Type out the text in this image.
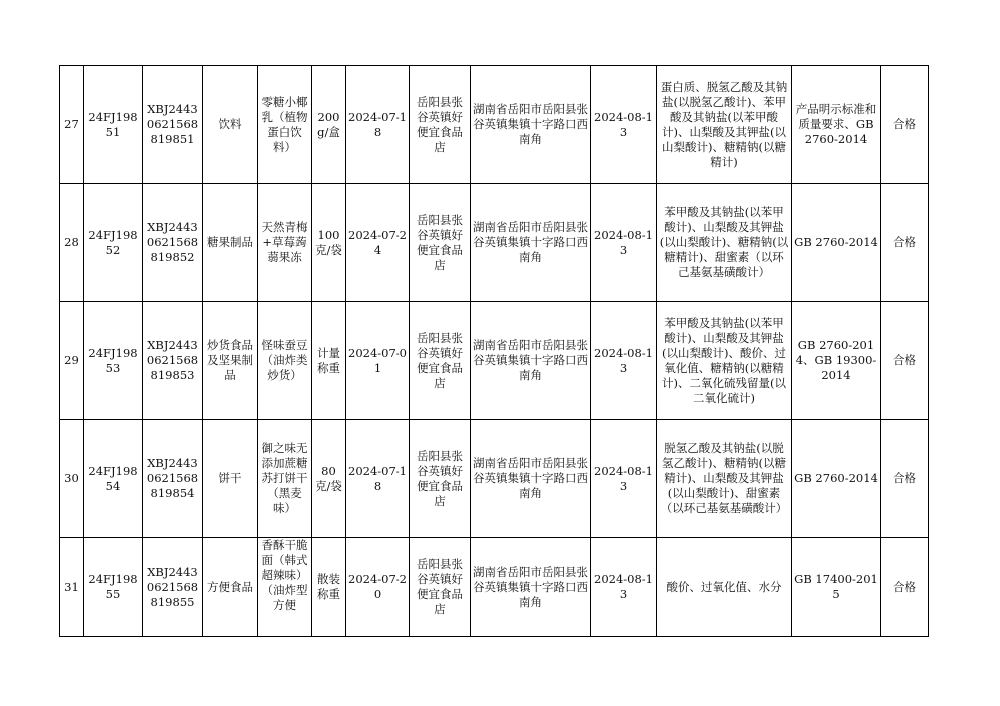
27	24FJ19851	XBJ24430621568819851	饮料	零糖小椰乳（植物蛋白饮料）	200g/盒	2024-07-18	岳阳县张谷英镇好便宜食品店	湖南省岳阳市岳阳县张谷英镇集镇十字路口西南角	2024-08-13	蛋白质、脱氢乙酸及其钠盐(以脱氢乙酸计)、苯甲酸及其钠盐(以苯甲酸计)、山梨酸及其钾盐(以山梨酸计)、糖精钠(以糖精计)	产品明示标准和质量要求、GB 2760-2014	合格
28	24FJ19852	XBJ24430621568819852	糖果制品	天然青梅+草莓蒟蒻果冻	100克/袋	2024-07-24	岳阳县张谷英镇好便宜食品店	湖南省岳阳市岳阳县张谷英镇集镇十字路口西南角	2024-08-13	苯甲酸及其钠盐(以苯甲酸计)、山梨酸及其钾盐(以山梨酸计)、糖精钠(以糖精计)、甜蜜素（以环己基氨基磺酸计）	GB 2760-2014	合格
29	24FJ19853	XBJ24430621568819853	炒货食品及坚果制品	怪味蚕豆（油炸类炒货）	计量称重	2024-07-01	岳阳县张谷英镇好便宜食品店	湖南省岳阳市岳阳县张谷英镇集镇十字路口西南角	2024-08-13	苯甲酸及其钠盐(以苯甲酸计)、山梨酸及其钾盐(以山梨酸计)、酸价、过氧化值、糖精钠(以糖精计)、二氧化硫残留量(以二氧化硫计)	GB 2760-2014、GB 19300-2014	合格
30	24FJ19854	XBJ24430621568819854	饼干	御之味无添加蔗糖苏打饼干（黑麦味）	80克/袋	2024-07-18	岳阳县张谷英镇好便宜食品店	湖南省岳阳市岳阳县张谷英镇集镇十字路口西南角	2024-08-13	脱氢乙酸及其钠盐(以脱氢乙酸计)、糖精钠(以糖精计)、山梨酸及其钾盐(以山梨酸计)、甜蜜素（以环己基氨基磺酸计）	GB 2760-2014	合格
31	24FJ19855	XBJ24430621568819855	方便食品	香酥干脆面（韩式超辣味）（油炸型方便	散装称重	2024-07-20	岳阳县张谷英镇好便宜食品店	湖南省岳阳市岳阳县张谷英镇集镇十字路口西南角	2024-08-13	酸价、过氧化值、水分	GB 17400-2015	合格
